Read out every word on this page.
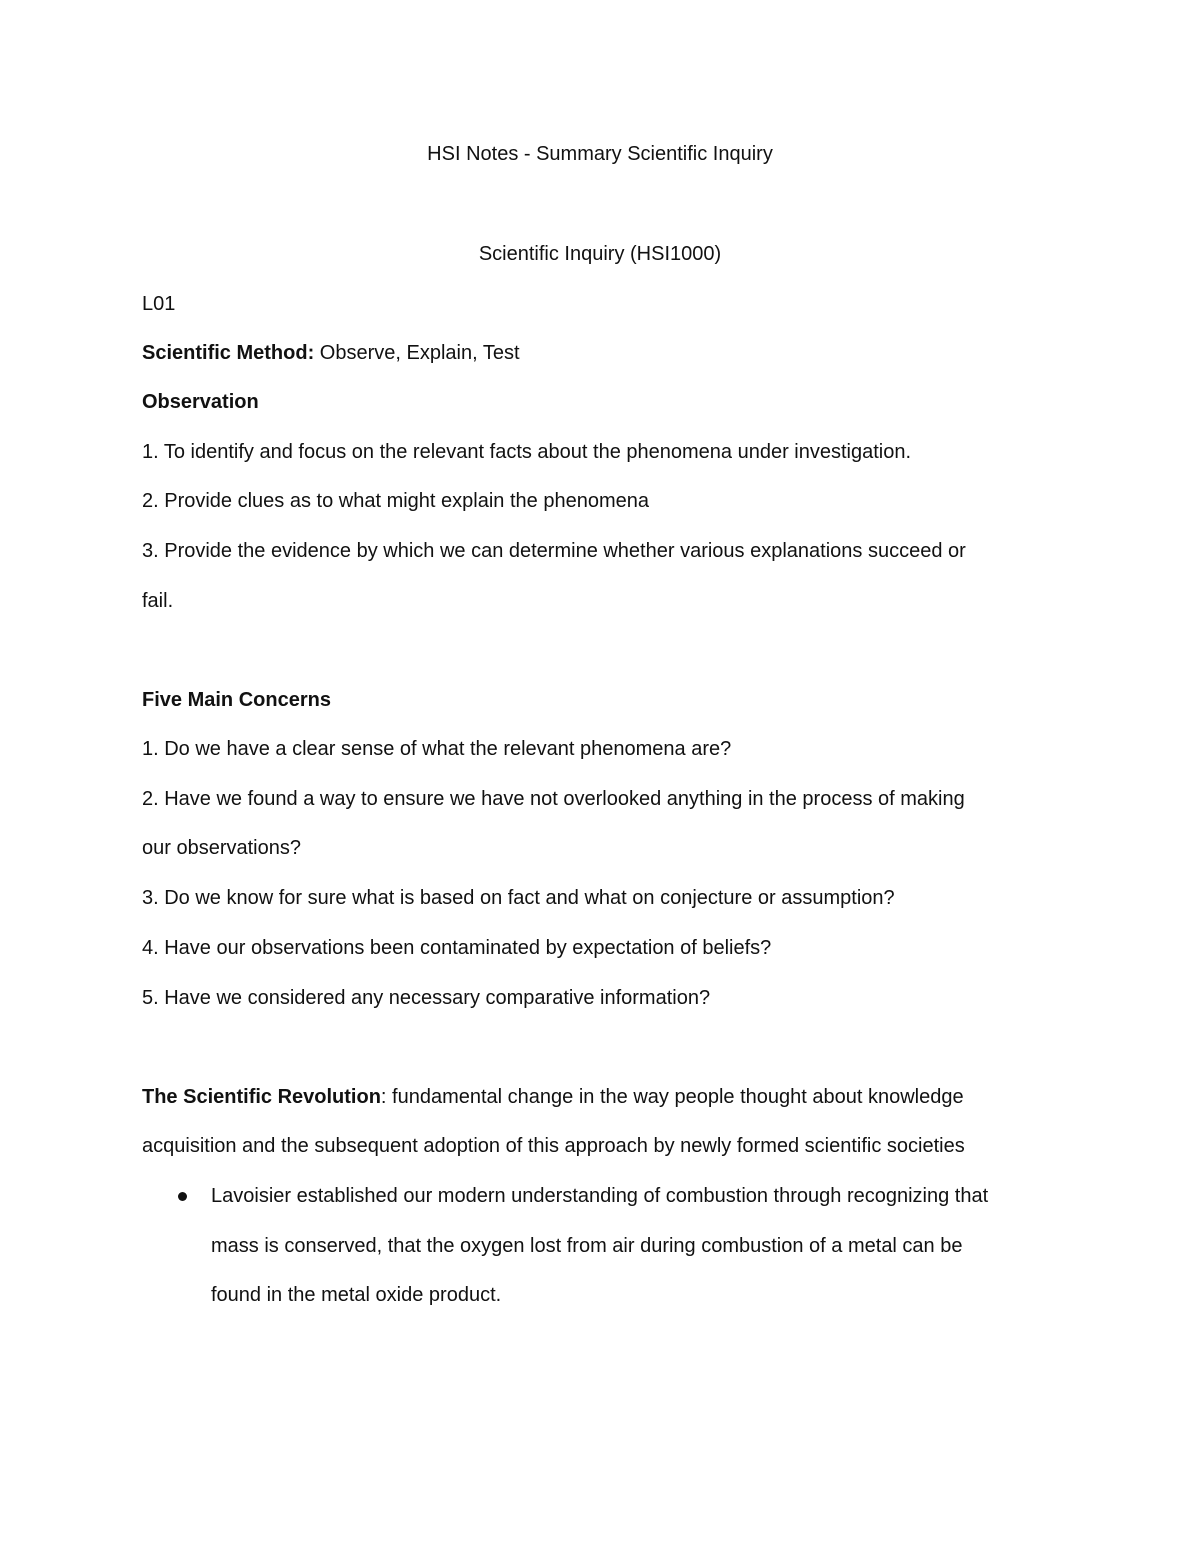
HSI Notes - Summary Scientific Inquiry
Scientific Inquiry (HSI1000)
L01
Scientific Method: Observe, Explain, Test
Observation
1. To identify and focus on the relevant facts about the phenomena under investigation.
2. Provide clues as to what might explain the phenomena
3. Provide the evidence by which we can determine whether various explanations succeed or
fail.
Five Main Concerns
1. Do we have a clear sense of what the relevant phenomena are?
2. Have we found a way to ensure we have not overlooked anything in the process of making
our observations?
3. Do we know for sure what is based on fact and what on conjecture or assumption?
4. Have our observations been contaminated by expectation of beliefs?
5. Have we considered any necessary comparative information?
The Scientific Revolution: fundamental change in the way people thought about knowledge
acquisition and the subsequent adoption of this approach by newly formed scientific societies
Lavoisier established our modern understanding of combustion through recognizing that
mass is conserved, that the oxygen lost from air during combustion of a metal can be
found in the metal oxide product.
